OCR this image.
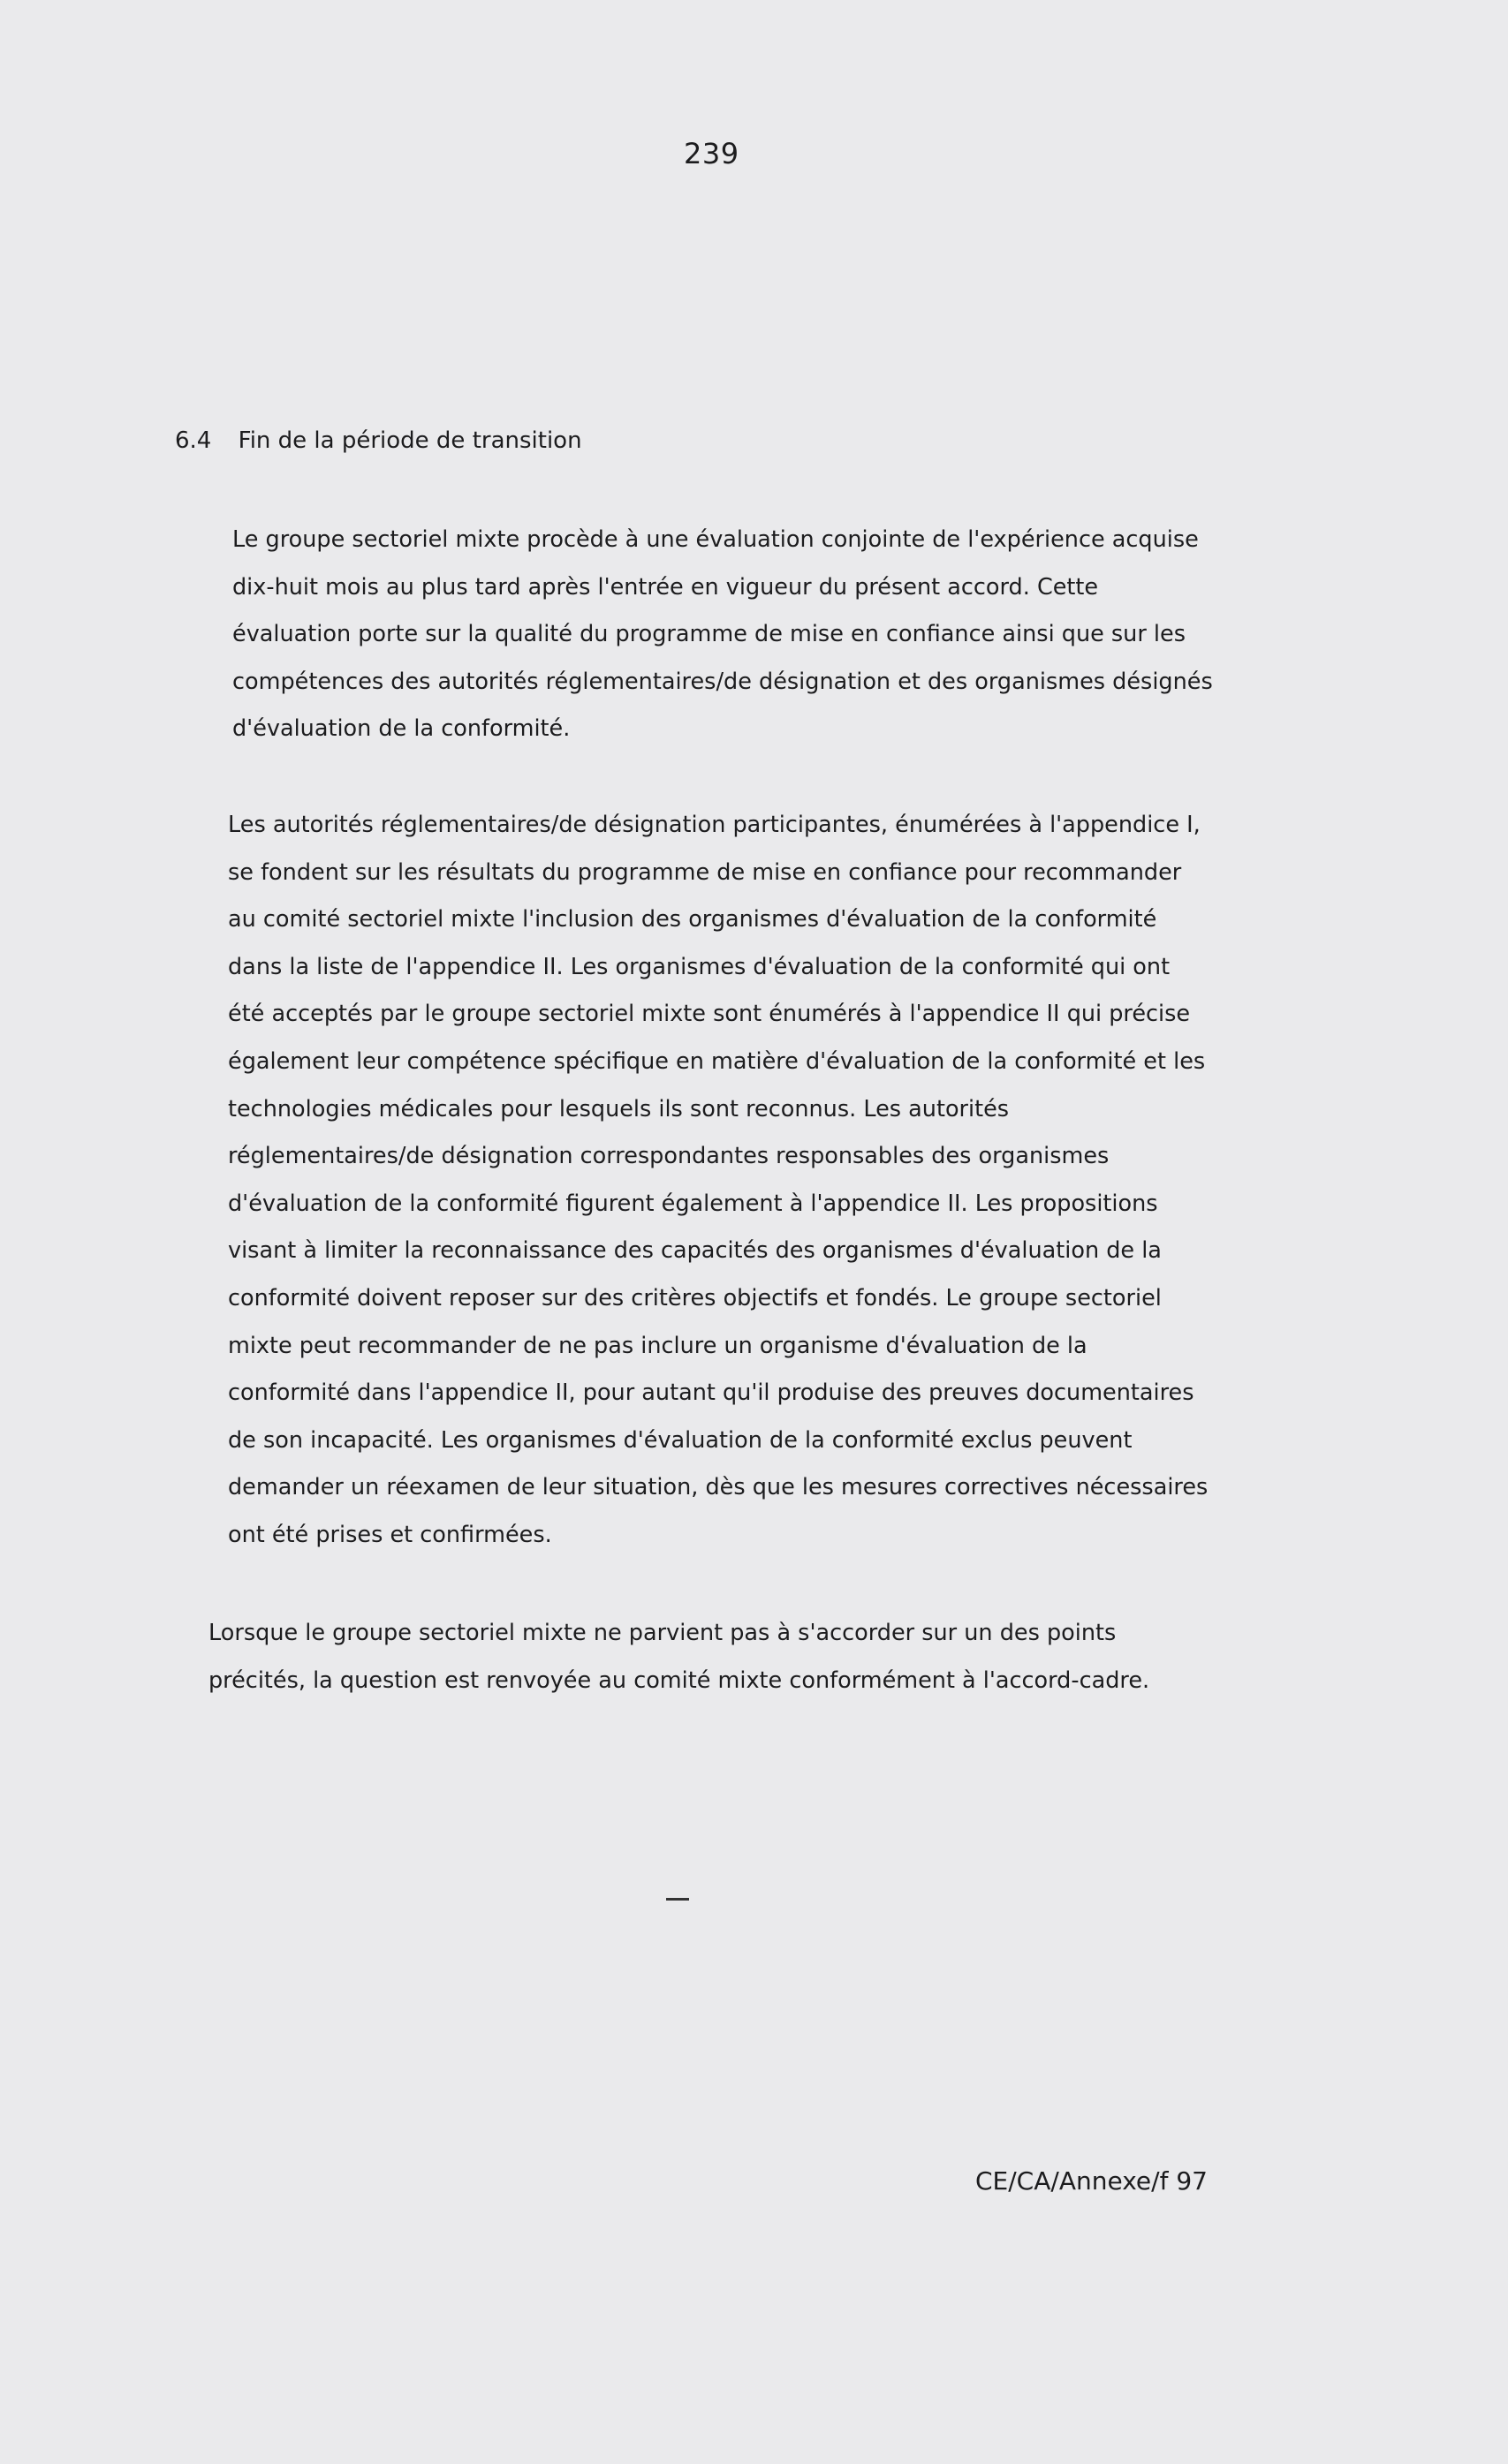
239
6.4 Fin de la période de transition

Le groupe sectoriel mixte procède à une évaluation conjointe de l'expérience acquise
dix-huit mois au plus tard après l'entrée en vigueur du présent accord. Cette
évaluation porte sur la qualité du programme de mise en confiance ainsi que sur les
compétences des autorités réglementaires/de désignation et des organismes désignés
d'évaluation de la conformité.

Les autorités réglementaires/de désignation participantes, énumérées à l'appendice I,
se fondent sur les résultats du programme de mise en confiance pour recommander
au comité sectoriel mixte l'inclusion des organismes d'évaluation de la conformité
dans la liste de l'appendice II. Les organismes d'évaluation de la conformité qui ont
été acceptés par le groupe sectoriel mixte sont énumérés à l'appendice II qui précise
également leur compétence spécifique en matière d'évaluation de la conformité et les
technologies médicales pour lesquels ils sont reconnus. Les autorités
réglementaires/de désignation correspondantes responsables des organismes
d'évaluation de la conformité figurent également à l'appendice II. Les propositions
visant à limiter la reconnaissance des capacités des organismes d'évaluation de la
conformité doivent reposer sur des critères objectifs et fondés. Le groupe sectoriel
mixte peut recommander de ne pas inclure un organisme d'évaluation de la
conformité dans l'appendice II, pour autant qu'il produise des preuves documentaires
de son incapacité. Les organismes d'évaluation de la conformité exclus peuvent
demander un réexamen de leur situation, dès que les mesures correctives nécessaires
ont été prises et confirmées.

Lorsque le groupe sectoriel mixte ne parvient pas à s'accorder sur un des points
précités, la question est renvoyée au comité mixte conformément à l'accord-cadre.

CE/CA/Annexe/f 97
